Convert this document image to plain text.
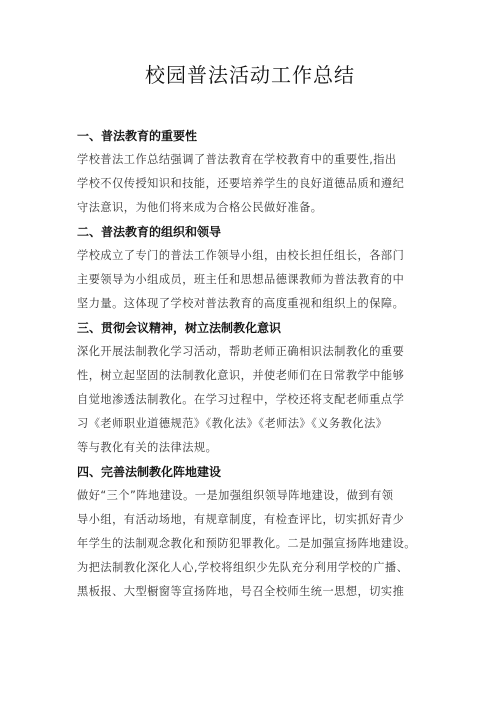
校园普法活动工作总结
一、普法教育的重要性
学校普法工作总结强调了普法教育在学校教育中的重要性,指出
学校不仅传授知识和技能，还要培养学生的良好道德品质和遵纪
守法意识，为他们将来成为合格公民做好准备。
二、普法教育的组织和领导
学校成立了专门的普法工作领导小组，由校长担任组长，各部门
主要领导为小组成员，班主任和思想品德课教师为普法教育的中
坚力量。这体现了学校对普法教育的高度重视和组织上的保障。
三、贯彻会议精神，树立法制教化意识
深化开展法制教化学习活动，帮助老师正确相识法制教化的重要
性，树立起坚固的法制教化意识，并使老师们在日常教学中能够
自觉地渗透法制教化。在学习过程中，学校还将支配老师重点学
习《老师职业道德规范》《教化法》《老师法》《义务教化法》
等与教化有关的法律法规。
四、完善法制教化阵地建设
做好“三个”阵地建设。一是加强组织领导阵地建设，做到有领
导小组，有活动场地，有规章制度，有检查评比，切实抓好青少
年学生的法制观念教化和预防犯罪教化。二是加强宣扬阵地建设。
为把法制教化深化人心,学校将组织少先队充分利用学校的广播、
黑板报、大型橱窗等宣扬阵地，号召全校师生统一思想，切实推
